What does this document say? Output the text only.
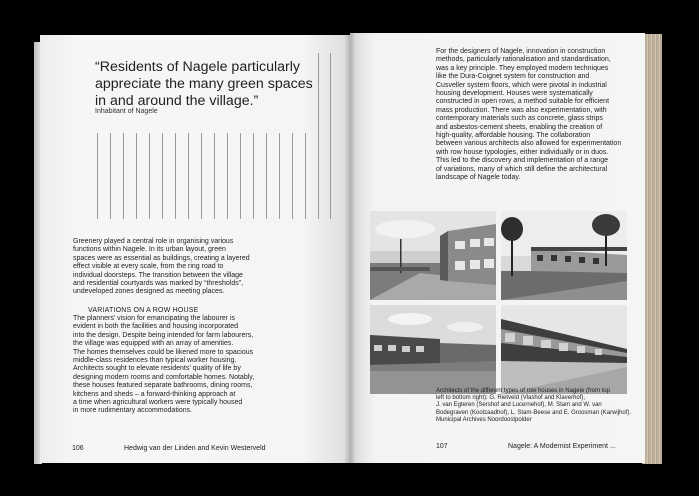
“Residents of Nagele particularly appreciate the many green spaces in and around the village.”
Inhabitant of Nagele
Greenery played a central role in organising various
functions within Nagele. In its urban layout, green
spaces were as essential as buildings, creating a layered
effect visible at every scale, from the ring road to
individual doorsteps. The transition between the village
and residential courtyards was marked by “thresholds”,
undeveloped zones designed as meeting places.
VARIATIONS ON A ROW HOUSE
The planners’ vision for emancipating the labourer is
evident in both the facilities and housing incorporated
into the design. Despite being intended for farm labourers,
the village was equipped with an array of amenities.
The homes themselves could be likened more to spacious
middle-class residences than typical worker housing.
Architects sought to elevate residents’ quality of life by
designing modern rooms and comfortable homes. Notably,
these houses featured separate bathrooms, dining rooms,
kitchens and sheds – a forward-thinking approach at
a time when agricultural workers were typically housed
in more rudimentary accommodations.
106	Hedwig van der Linden and Kevin Westerveld
For the designers of Nagele, innovation in construction
methods, particularly rationalisation and standardisation,
was a key principle. They employed modern techniques
like the Dura-Coignet system for construction and
Cusveller system floors, which were pivotal in industrial
housing development. Houses were systematically
constructed in open rows, a method suitable for efficient
mass production. There was also experimentation, with
contemporary materials such as concrete, glass strips
and asbestos-cement sheets, enabling the creation of
high-quality, affordable housing. The collaboration
between various architects also allowed for experimentation
with row house typologies, either individually or in duos.
This led to the discovery and implementation of a range
of variations, many of which still define the architectural
landscape of Nagele today.
Architects of the different types of row houses in Nagele (from top
left to bottom right): G. Rietveld (Vlashof and Klaverhof),
J. van Egteren (Sershof and Lucernehof), M. Stam and W. van
Bodegraven (Koolzaadhof), L. Stam-Beese and E. Groosman (Karwijhof).
Municipal Archives Noordoostpolder
107	Nagele: A Modernist Experiment ...
